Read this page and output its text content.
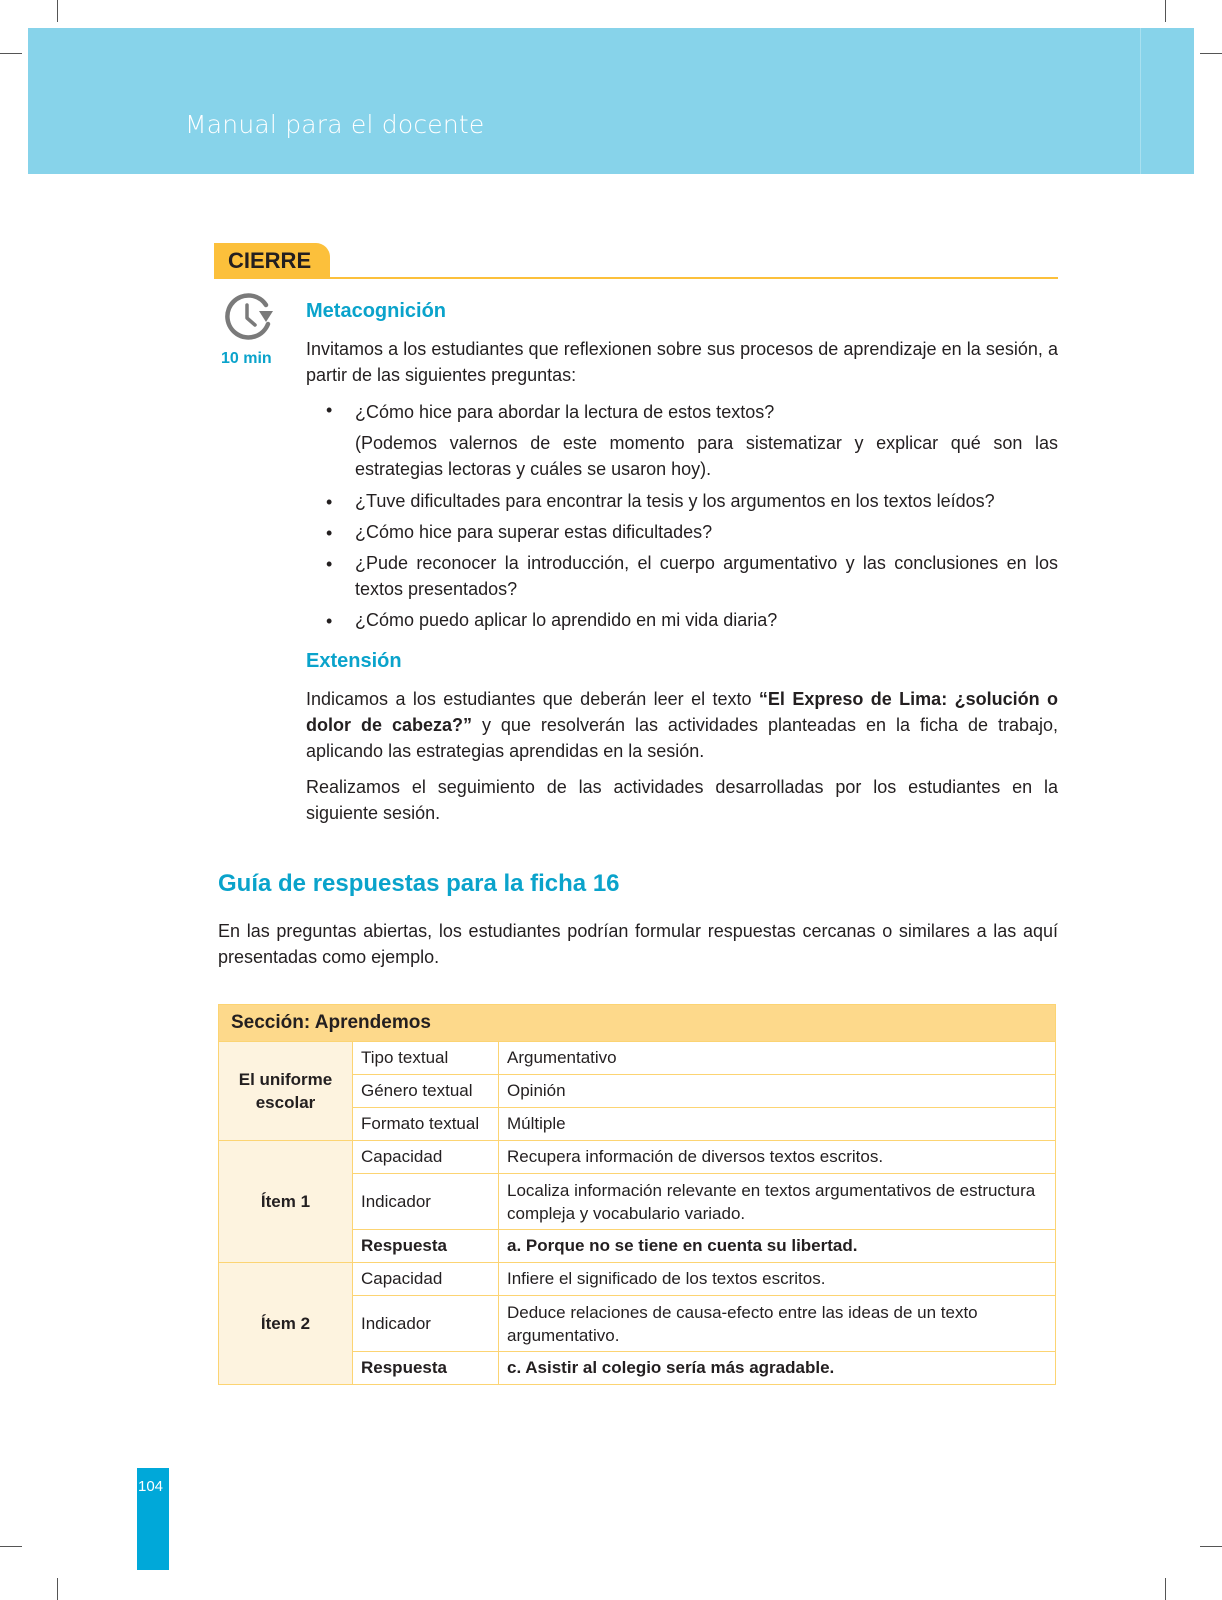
Manual para el docente
CIERRE
10 min
Metacognición
Invitamos a los estudiantes que reflexionen sobre sus procesos de aprendizaje en la sesión, a partir de las siguientes preguntas:
• ¿Cómo hice para abordar la lectura de estos textos?
(Podemos valernos de este momento para sistematizar y explicar qué son las estrategias lectoras y cuáles se usaron hoy).
• ¿Tuve dificultades para encontrar la tesis y los argumentos en los textos leídos?
• ¿Cómo hice para superar estas dificultades?
• ¿Pude reconocer la introducción, el cuerpo argumentativo y las conclusiones en los textos presentados?
• ¿Cómo puedo aplicar lo aprendido en mi vida diaria?
Extensión
Indicamos a los estudiantes que deberán leer el texto “El Expreso de Lima: ¿solución o dolor de cabeza?” y que resolverán las actividades planteadas en la ficha de trabajo, aplicando las estrategias aprendidas en la sesión.
Realizamos el seguimiento de las actividades desarrolladas por los estudiantes en la siguiente sesión.
Guía de respuestas para la ficha 16
En las preguntas abiertas, los estudiantes podrían formular respuestas cercanas o similares a las aquí presentadas como ejemplo.
Sección: Aprendemos		
El uniforme escolar	Tipo textual	Argumentativo
	Género textual	Opinión
	Formato textual	Múltiple
Ítem 1	Capacidad	Recupera información de diversos textos escritos.
	Indicador	Localiza información relevante en textos argumentativos de estructura compleja y vocabulario variado.
	Respuesta	a. Porque no se tiene en cuenta su libertad.
Ítem 2	Capacidad	Infiere el significado de los textos escritos.
	Indicador	Deduce relaciones de causa-efecto entre las ideas de un texto argumentativo.
	Respuesta	c. Asistir al colegio sería más agradable.
104
